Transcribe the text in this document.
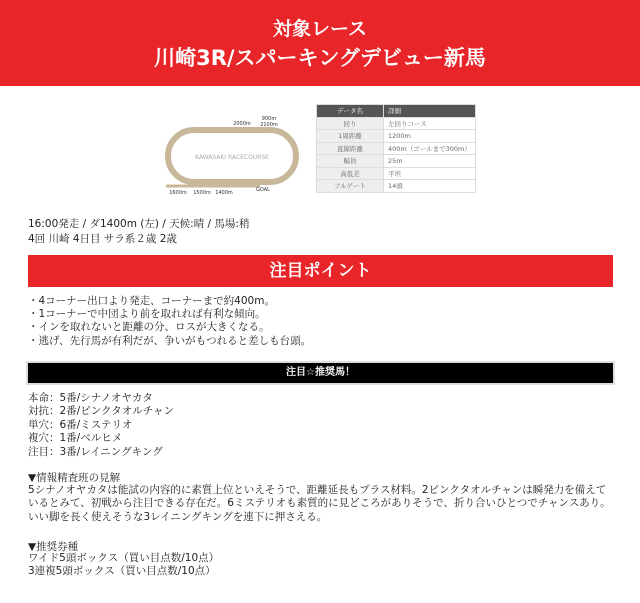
対象レース
川崎3R/スパーキングデビュー新馬
KAWASAKI RACECOURSE
2000m
900m
2100m
1600m 1500m 1400m	GOAL
データ名	詳細
回り	左回りコース
1周距離	1200m
直線距離	400m（ゴールまで300m）
幅員	25m
高低差	平坦
フルゲート	14頭
16:00発走 / ダ1400m (左) / 天候:晴 / 馬場:稍
4回 川崎 4日目 サラ系２歳 2歳
注目ポイント
・4コーナー出口より発走、コーナーまで約400m。
・1コーナーで中団より前を取れれば有利な傾向。
・インを取れないと距離の分、ロスが大きくなる。
・逃げ、先行馬が有利だが、争いがもつれると差しも台頭。
注目☆推奨馬！
本命：5番/シナノオヤカタ
対抗：2番/ピンクタオルチャン
単穴：6番/ミステリオ
複穴：1番/ベルヒメ
注目：3番/レイニングキング
▼情報精査班の見解

5シナノオヤカタは能試の内容的に素質上位といえそうで、距離延長もプラス材料。2ピンクタオルチャンは瞬発力を備えているとみて、初戦から注目できる存在だ。6ミステリオも素質的に見どころがありそうで、折り合いひとつでチャンスあり。いい脚を長く使えそうな3レイニングキングを連下に押さえる。

▼推奨券種
ワイド5頭ボックス（買い目点数/10点）
3連複5頭ボックス（買い目点数/10点）
